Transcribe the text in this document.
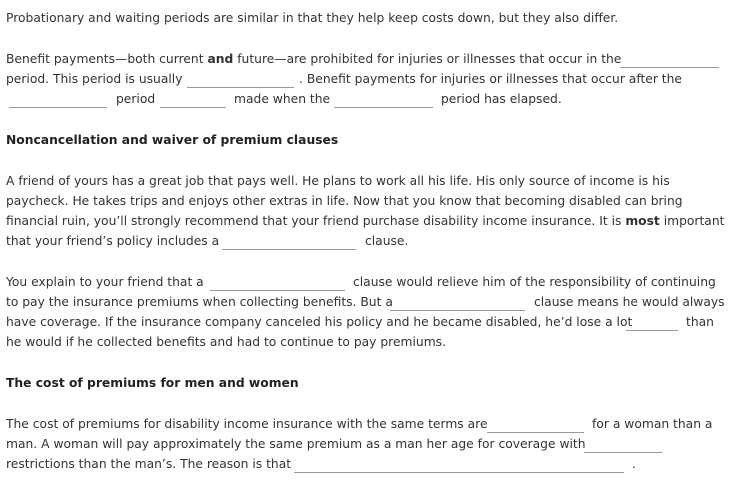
Probationary and waiting periods are similar in that they help keep costs down, but they also differ.
Benefit payments—both current and future—are prohibited for injuries or illnesses that occur in the
period. This period is usually	. Benefit payments for injuries or illnesses that occur after the
period	made when the	period has elapsed.
Noncancellation and waiver of premium clauses
A friend of yours has a great job that pays well. He plans to work all his life. His only source of income is his
paycheck. He takes trips and enjoys other extras in life. Now that you know that becoming disabled can bring
financial ruin, you’ll strongly recommend that your friend purchase disability income insurance. It is most important
that your friend’s policy includes a	clause.
You explain to your friend that a	clause would relieve him of the responsibility of continuing
to pay the insurance premiums when collecting benefits. But a	clause means he would always
have coverage. If the insurance company canceled his policy and he became disabled, he’d lose a lot	than
he would if he collected benefits and had to continue to pay premiums.
The cost of premiums for men and women
The cost of premiums for disability income insurance with the same terms are	for a woman than a
man. A woman will pay approximately the same premium as a man her age for coverage with
restrictions than the man’s. The reason is that	.
